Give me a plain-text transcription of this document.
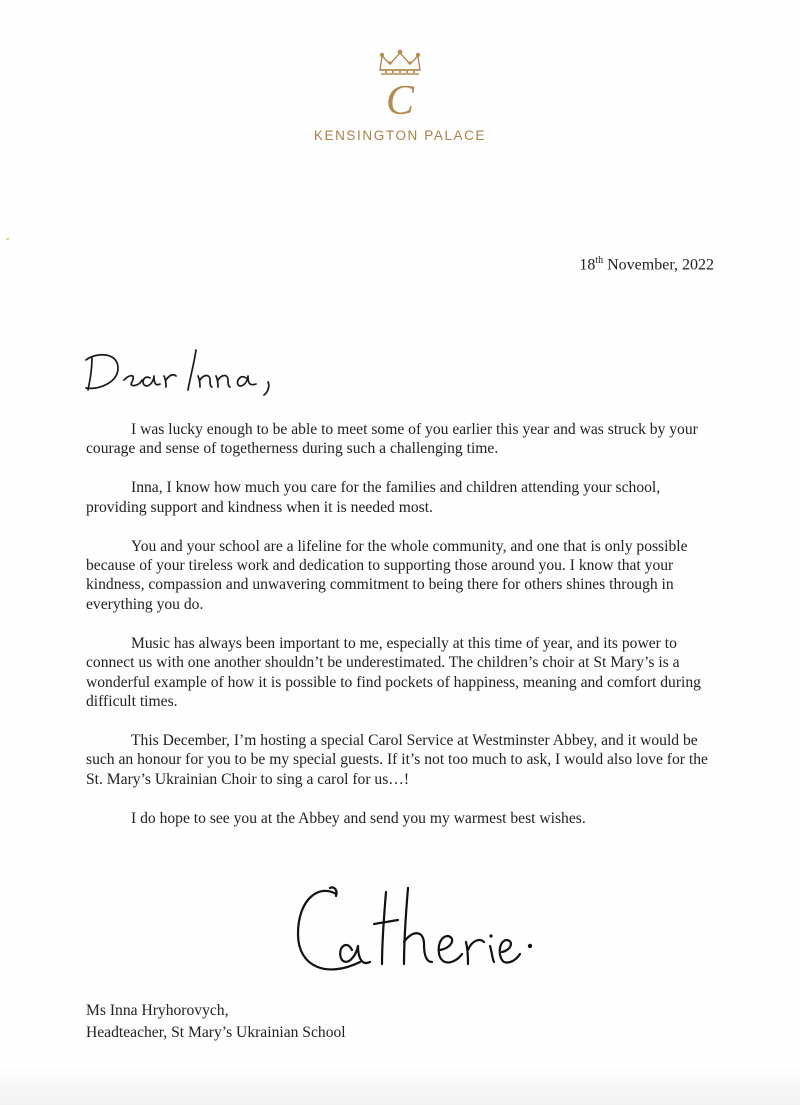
C
KENSINGTON PALACE
18th November, 2022

I was lucky enough to be able to meet some of you earlier this year and was struck by your courage and sense of togetherness during such a challenging time.

Inna, I know how much you care for the families and children attending your school, providing support and kindness when it is needed most.

You and your school are a lifeline for the whole community, and one that is only possible because of your tireless work and dedication to supporting those around you. I know that your kindness, compassion and unwavering commitment to being there for others shines through in everything you do.

Music has always been important to me, especially at this time of year, and its power to connect us with one another shouldn’t be underestimated. The children’s choir at St Mary’s is a wonderful example of how it is possible to find pockets of happiness, meaning and comfort during difficult times.

This December, I’m hosting a special Carol Service at Westminster Abbey, and it would be such an honour for you to be my special guests. If it’s not too much to ask, I would also love for the St. Mary’s Ukrainian Choir to sing a carol for us…!

I do hope to see you at the Abbey and send you my warmest best wishes.

Ms Inna Hryhorovych,
Headteacher, St Mary’s Ukrainian School
